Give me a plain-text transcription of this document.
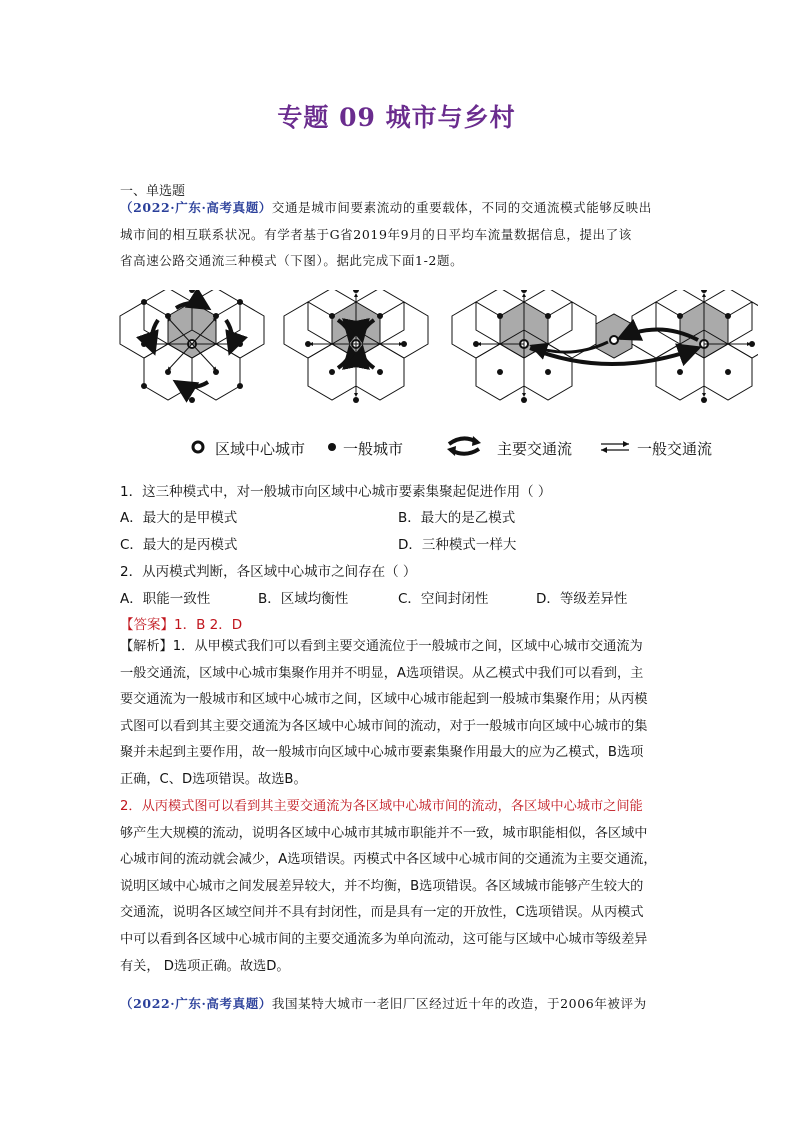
专题 09 城市与乡村
一、单选题
（2022·广东·高考真题）交通是城市间要素流动的重要载体，不同的交通流模式能够反映出
城市间的相互联系状况。有学者基于G省2019年9月的日平均车流量数据信息，提出了该
省高速公路交通流三种模式（下图）。据此完成下面1-2题。
区域中心城市	一般城市	主要交通流	一般交通流
1．这三种模式中，对一般城市向区域中心城市要素集聚起促进作用（ ）
A．最大的是甲模式	B．最大的是乙模式
C．最大的是丙模式	D．三种模式一样大
2．从丙模式判断，各区域中心城市之间存在（ ）
A．职能一致性	B．区域均衡性	C．空间封闭性	D．等级差异性
【答案】1．B 2．D

【解析】1．从甲模式我们可以看到主要交通流位于一般城市之间，区域中心城市交通流为

一般交通流，区域中心城市集聚作用并不明显，A选项错误。从乙模式中我们可以看到，主

要交通流为一般城市和区域中心城市之间，区域中心城市能起到一般城市集聚作用；从丙模

式图可以看到其主要交通流为各区域中心城市间的流动，对于一般城市向区域中心城市的集

聚并未起到主要作用，故一般城市向区域中心城市要素集聚作用最大的应为乙模式，B选项

正确，C、D选项错误。故选B。

2．从丙模式图可以看到其主要交通流为各区域中心城市间的流动，各区域中心城市之间能

够产生大规模的流动，说明各区域中心城市其城市职能并不一致，城市职能相似，各区域中

心城市间的流动就会减少，A选项错误。丙模式中各区域中心城市间的交通流为主要交通流，

说明区域中心城市之间发展差异较大，并不均衡，B选项错误。各区域城市能够产生较大的

交通流，说明各区域空间并不具有封闭性，而是具有一定的开放性，C选项错误。从丙模式

中可以看到各区域中心城市间的主要交通流多为单向流动，这可能与区域中心城市等级差异

有关， D选项正确。故选D。

（2022·广东·高考真题）我国某特大城市一老旧厂区经过近十年的改造，于2006年被评为
